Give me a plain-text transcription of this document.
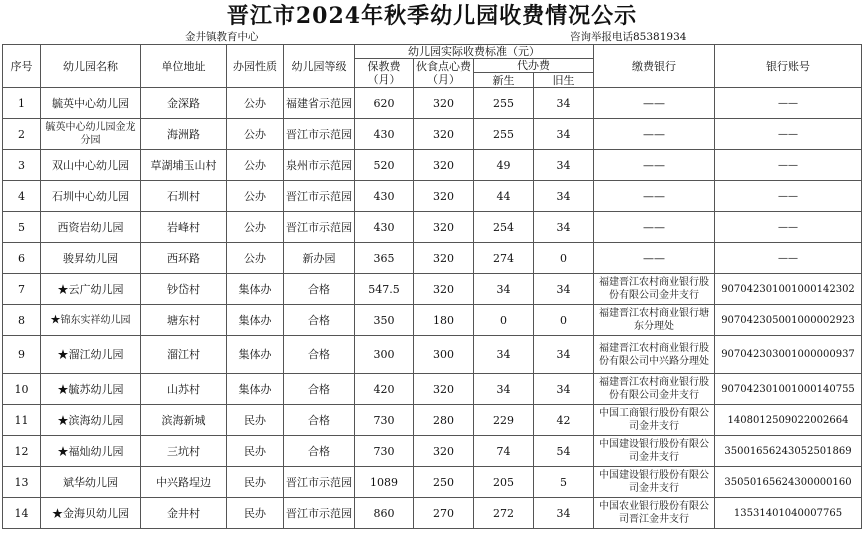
晋江市2024年秋季幼儿园收费情况公示
金井镇教育中心	咨询举报电话85381934
序号	幼儿园名称	单位地址	办园性质	幼儿园等级	幼儿园实际收费标准（元）				缴费银行	银行账号
					保教费（月）	伙食点心费（月）	代办费			
							新生	旧生		
1	毓英中心幼儿园	金深路	公办	福建省示范园	620	320	255	34	——	——
2	毓英中心幼儿园金龙分园	海洲路	公办	晋江市示范园	430	320	255	34	——	——
3	双山中心幼儿园	草湖埔玉山村	公办	泉州市示范园	520	320	49	34	——	——
4	石圳中心幼儿园	石圳村	公办	晋江市示范园	430	320	44	34	——	——
5	西资岩幼儿园	岩峰村	公办	晋江市示范园	430	320	254	34	——	——
6	骏昇幼儿园	西环路	公办	新办园	365	320	274	0	——	——
7	★云广幼儿园	钞岱村	集体办	合格	547.5	320	34	34	福建晋江农村商业银行股份有限公司金井支行	907042301001000142302
8	★锦东实祥幼儿园	塘东村	集体办	合格	350	180	0	0	福建晋江农村商业银行塘东分理处	907042305001000002923
9	★溜江幼儿园	溜江村	集体办	合格	300	300	34	34	福建晋江农村商业银行股份有限公司中兴路分理处	907042303001000000937
10	★毓苏幼儿园	山苏村	集体办	合格	420	320	34	34	福建晋江农村商业银行股份有限公司金井支行	907042301001000140755
11	★滨海幼儿园	滨海新城	民办	合格	730	280	229	42	中国工商银行股份有限公司金井支行	1408012509022002664
12	★福灿幼儿园	三坑村	民办	合格	730	320	74	54	中国建设银行股份有限公司金井支行	35001656243052501869
13	斌华幼儿园	中兴路埕边	民办	晋江市示范园	1089	250	205	5	中国建设银行股份有限公司金井支行	35050165624300000160
14	★金海贝幼儿园	金井村	民办	晋江市示范园	860	270	272	34	中国农业银行股份有限公司晋江金井支行	13531401040007765
